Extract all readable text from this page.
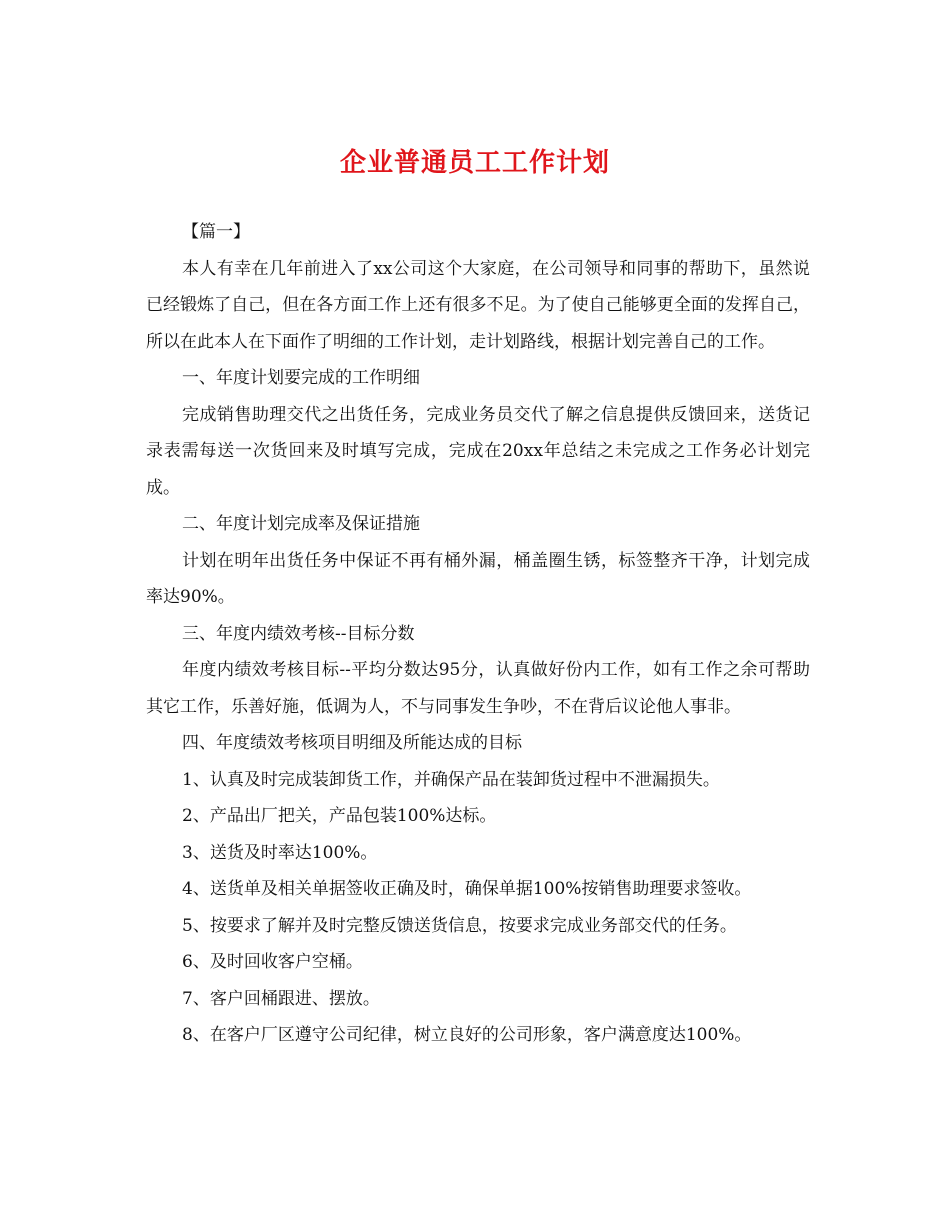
企业普通员工工作计划

【篇一】

本人有幸在几年前进入了xx公司这个大家庭，在公司领导和同事的帮助下，虽然说已经锻炼了自己，但在各方面工作上还有很多不足。为了使自己能够更全面的发挥自己，所以在此本人在下面作了明细的工作计划，走计划路线，根据计划完善自己的工作。

一、年度计划要完成的工作明细

完成销售助理交代之出货任务，完成业务员交代了解之信息提供反馈回来，送货记录表需每送一次货回来及时填写完成，完成在20xx年总结之未完成之工作务必计划完成。

二、年度计划完成率及保证措施

计划在明年出货任务中保证不再有桶外漏，桶盖圈生锈，标签整齐干净，计划完成率达90%。

三、年度内绩效考核--目标分数

年度内绩效考核目标--平均分数达95分，认真做好份内工作，如有工作之余可帮助其它工作，乐善好施，低调为人，不与同事发生争吵，不在背后议论他人事非。

四、年度绩效考核项目明细及所能达成的目标

1、认真及时完成装卸货工作，并确保产品在装卸货过程中不泄漏损失。

2、产品出厂把关，产品包装100%达标。

3、送货及时率达100%。

4、送货单及相关单据签收正确及时，确保单据100%按销售助理要求签收。

5、按要求了解并及时完整反馈送货信息，按要求完成业务部交代的任务。

6、及时回收客户空桶。

7、客户回桶跟进、摆放。

8、在客户厂区遵守公司纪律，树立良好的公司形象，客户满意度达100%。
